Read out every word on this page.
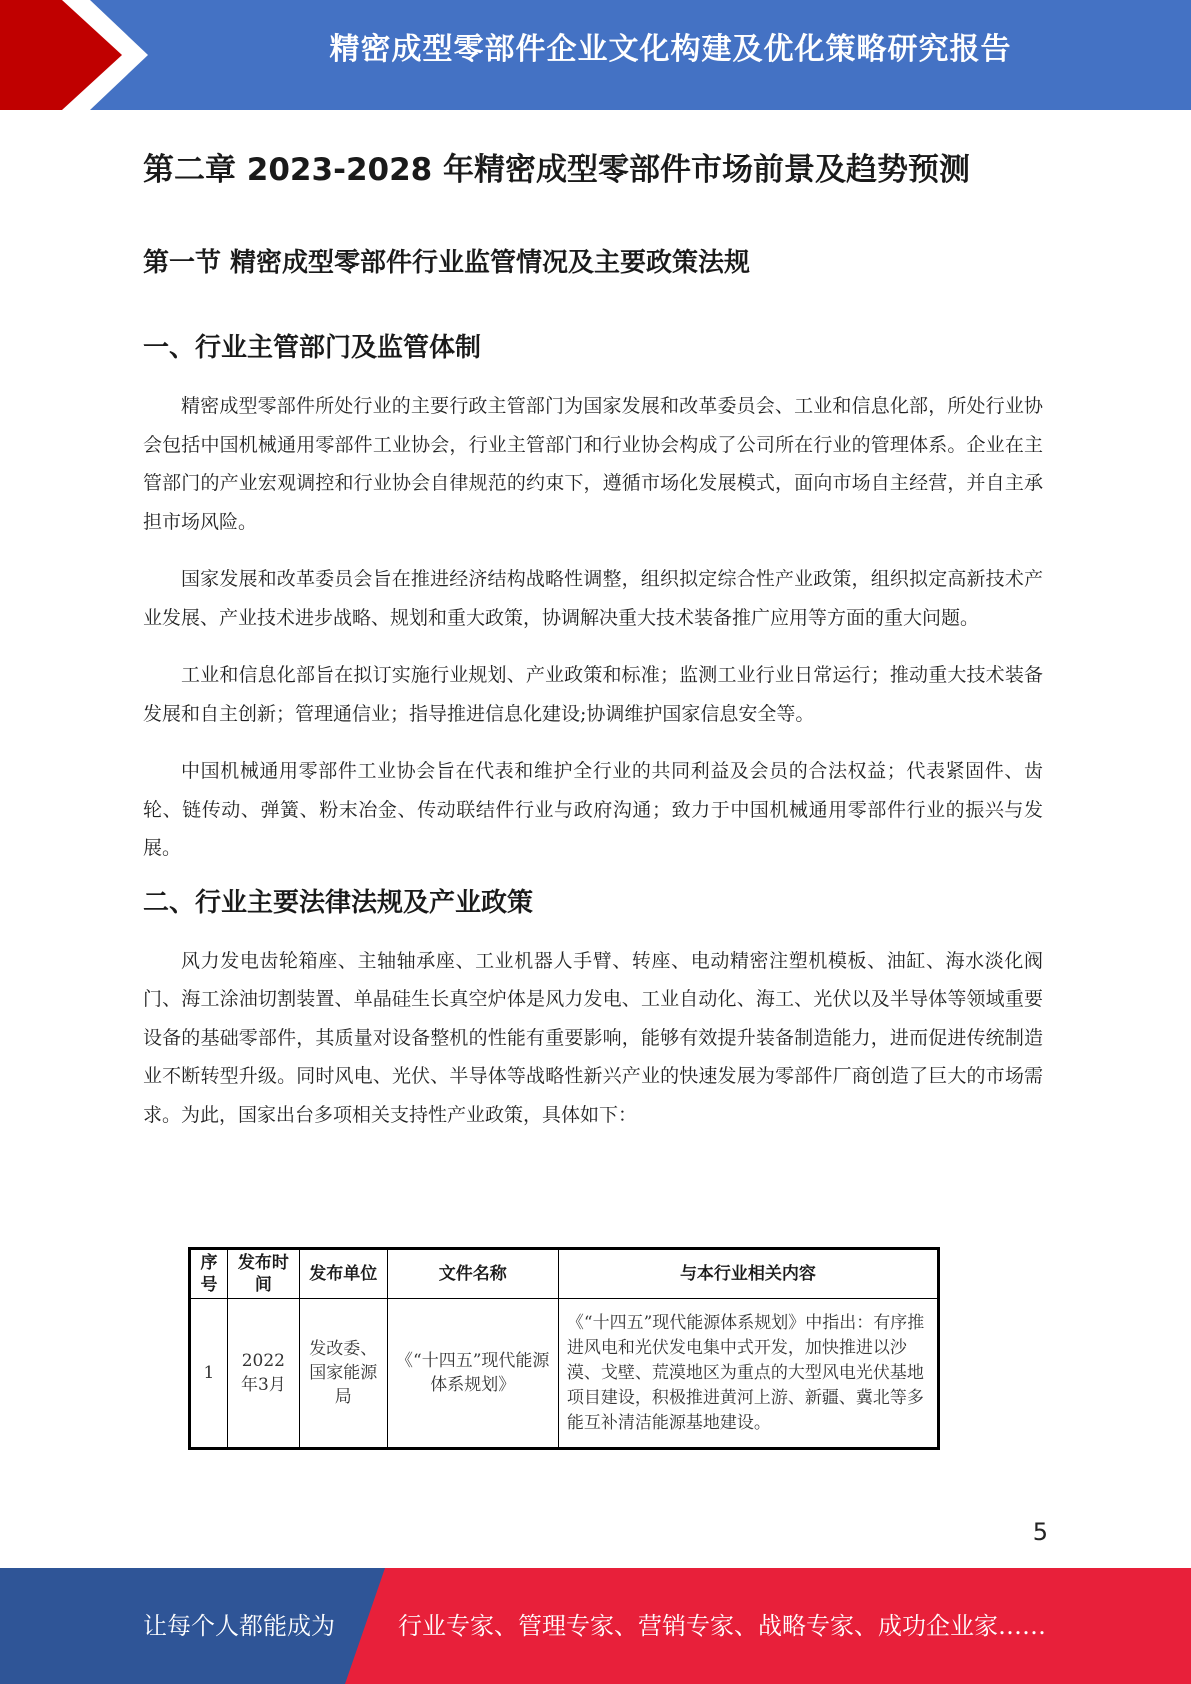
精密成型零部件企业文化构建及优化策略研究报告
第二章 2023-2028 年精密成型零部件市场前景及趋势预测
第一节 精密成型零部件行业监管情况及主要政策法规
一、行业主管部门及监管体制

精密成型零部件所处行业的主要行政主管部门为国家发展和改革委员会、工业和信息化部，所处行业协会包括中国机械通用零部件工业协会，行业主管部门和行业协会构成了公司所在行业的管理体系。企业在主管部门的产业宏观调控和行业协会自律规范的约束下，遵循市场化发展模式，面向市场自主经营，并自主承担市场风险。

国家发展和改革委员会旨在推进经济结构战略性调整，组织拟定综合性产业政策，组织拟定高新技术产业发展、产业技术进步战略、规划和重大政策，协调解决重大技术装备推广应用等方面的重大问题。

工业和信息化部旨在拟订实施行业规划、产业政策和标准；监测工业行业日常运行；推动重大技术装备发展和自主创新；管理通信业；指导推进信息化建设;协调维护国家信息安全等。

中国机械通用零部件工业协会旨在代表和维护全行业的共同利益及会员的合法权益；代表紧固件、齿轮、链传动、弹簧、粉末冶金、传动联结件行业与政府沟通；致力于中国机械通用零部件行业的振兴与发展。

二、行业主要法律法规及产业政策

风力发电齿轮箱座、主轴轴承座、工业机器人手臂、转座、电动精密注塑机模板、油缸、海水淡化阀门、海工涂油切割装置、单晶硅生长真空炉体是风力发电、工业自动化、海工、光伏以及半导体等领域重要设备的基础零部件，其质量对设备整机的性能有重要影响，能够有效提升装备制造能力，进而促进传统制造业不断转型升级。同时风电、光伏、半导体等战略性新兴产业的快速发展为零部件厂商创造了巨大的市场需求。为此，国家出台多项相关支持性产业政策，具体如下：

序号	发布时间	发布单位	文件名称	与本行业相关内容
1	2022年3月	发改委、国家能源局	《“十四五”现代能源体系规划》	《“十四五”现代能源体系规划》中指出：有序推进风电和光伏发电集中式开发，加快推进以沙漠、戈壁、荒漠地区为重点的大型风电光伏基地项目建设，积极推进黄河上游、新疆、冀北等多能互补清洁能源基地建设。
5
让每个人都能成为	行业专家、管理专家、营销专家、战略专家、成功企业家……
